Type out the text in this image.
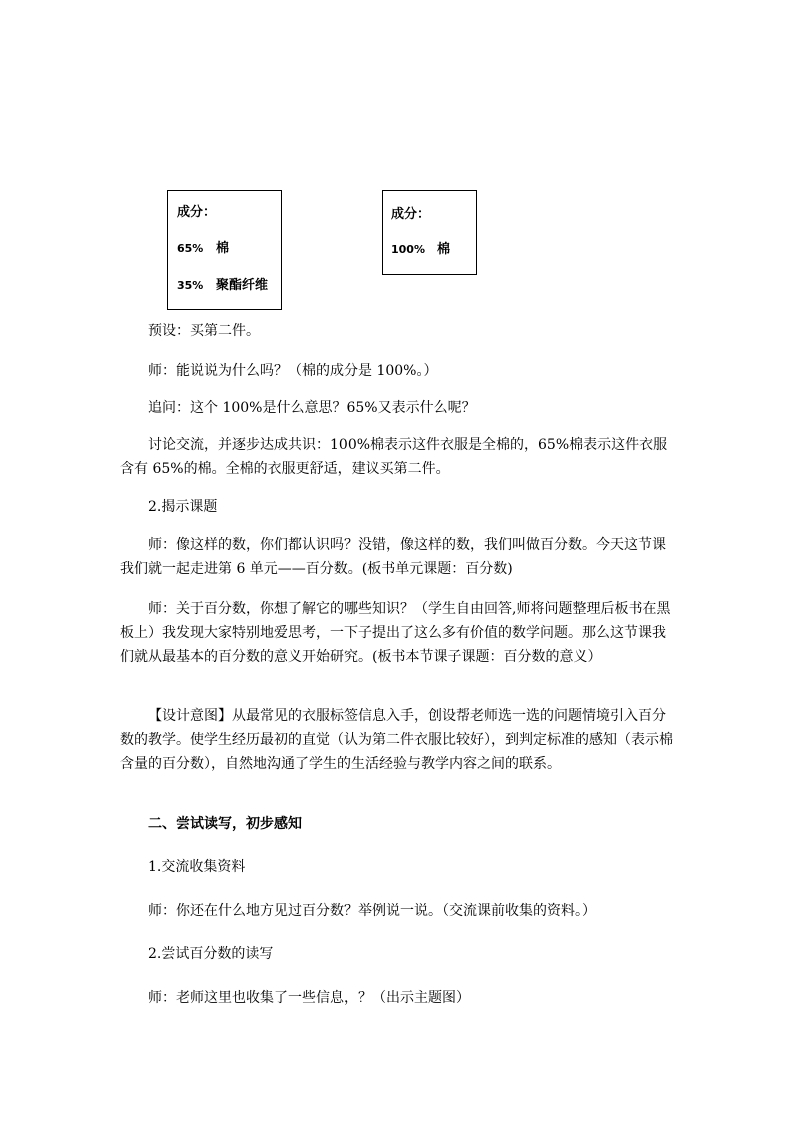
成分：
65% 棉
35% 聚酯纤维
成分：
100% 棉

预设：买第二件。

师：能说说为什么吗？（棉的成分是 100%。）

追问：这个 100%是什么意思？65%又表示什么呢？

讨论交流，并逐步达成共识：100%棉表示这件衣服是全棉的，65%棉表示这件衣服含有 65%的棉。全棉的衣服更舒适，建议买第二件。

2.揭示课题

师：像这样的数，你们都认识吗？没错，像这样的数，我们叫做百分数。今天这节课我们就一起走进第 6 单元——百分数。(板书单元课题：百分数)

师：关于百分数，你想了解它的哪些知识？（学生自由回答,师将问题整理后板书在黑板上）我发现大家特别地爱思考，一下子提出了这么多有价值的数学问题。那么这节课我们就从最基本的百分数的意义开始研究。(板书本节课子课题：百分数的意义）

【设计意图】从最常见的衣服标签信息入手，创设帮老师选一选的问题情境引入百分数的教学。使学生经历最初的直觉（认为第二件衣服比较好），到判定标准的感知（表示棉含量的百分数），自然地沟通了学生的生活经验与教学内容之间的联系。

二、尝试读写，初步感知

1.交流收集资料

师：你还在什么地方见过百分数？举例说一说。（交流课前收集的资料。）

2.尝试百分数的读写

师：老师这里也收集了一些信息，？（出示主题图）
